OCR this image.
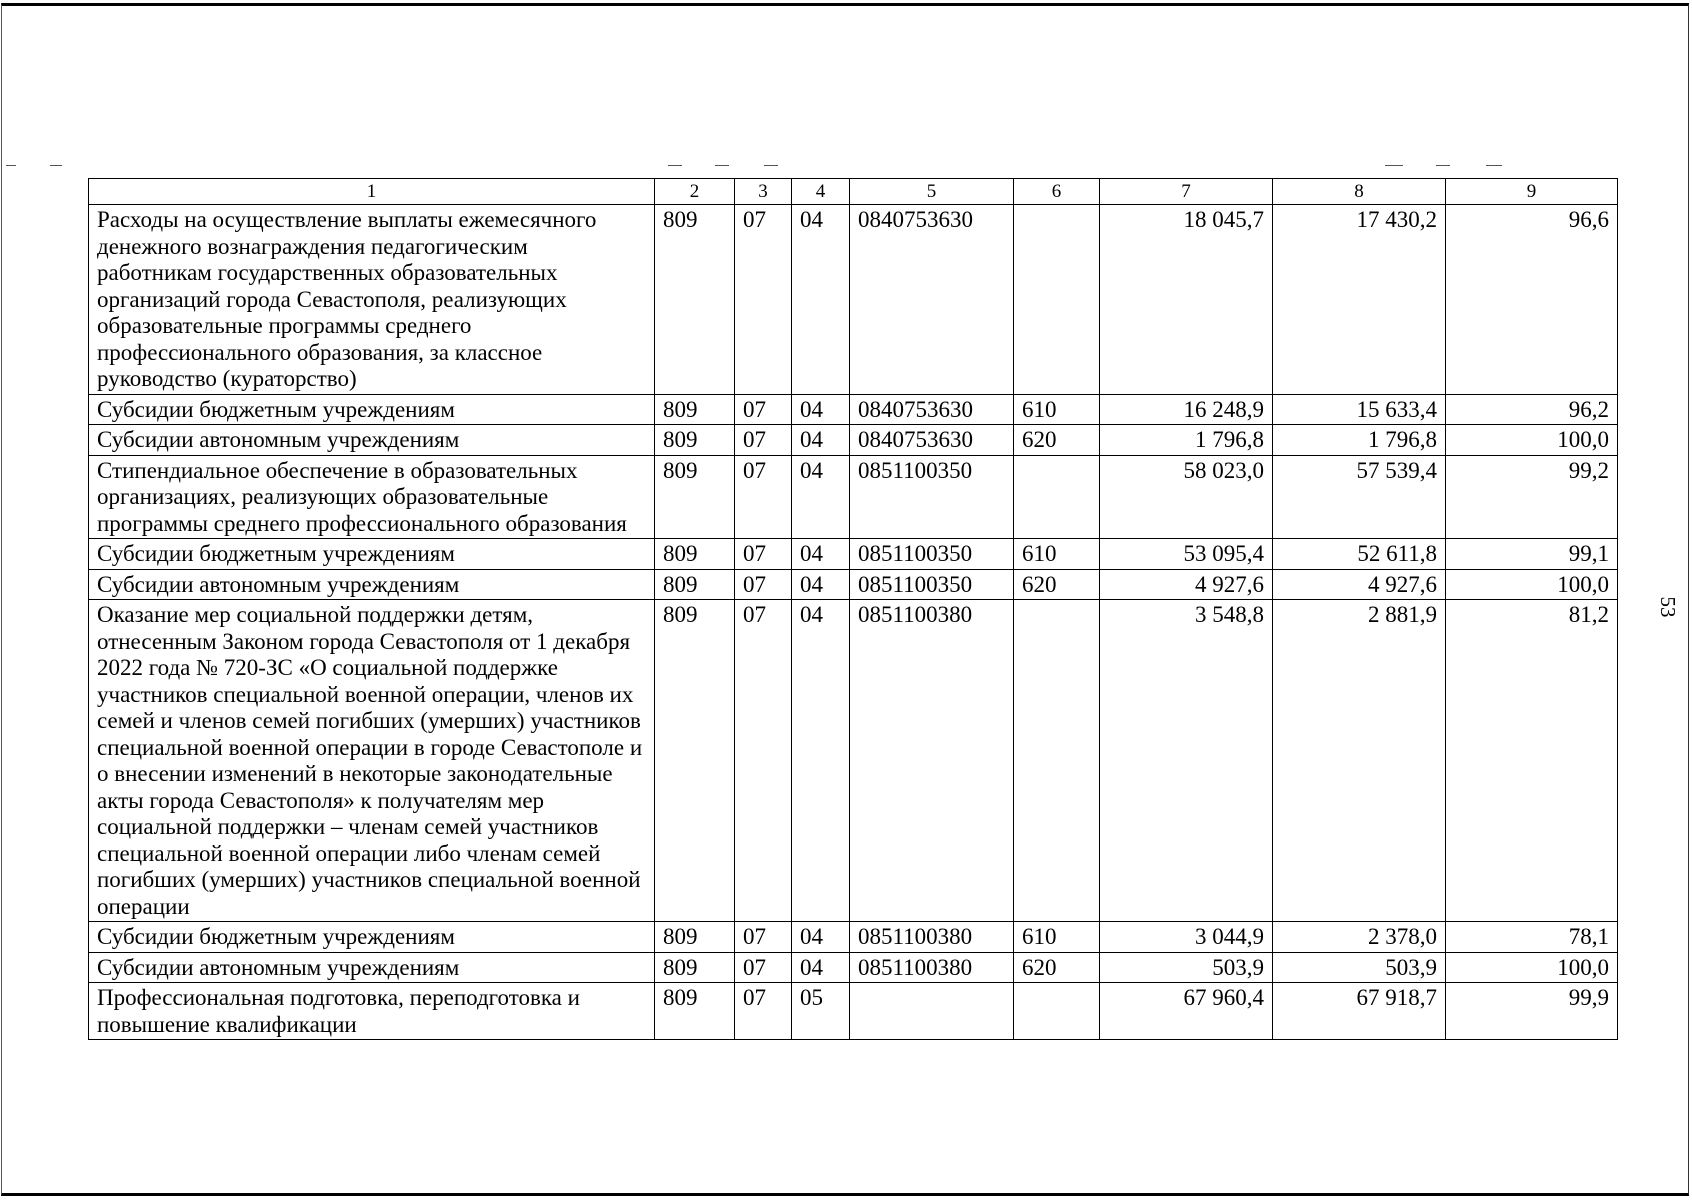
53
1	2	3	4	5	6	7	8	9
Расходы на осуществление выплаты ежемесячного денежного вознаграждения педагогическим работникам государственных образовательных организаций города Севастополя, реализующих образовательные программы среднего профессионального образования, за классное руководство (кураторство)	809	07	04	0840753630		18 045,7	17 430,2	96,6
Субсидии бюджетным учреждениям	809	07	04	0840753630	610	16 248,9	15 633,4	96,2
Субсидии автономным учреждениям	809	07	04	0840753630	620	1 796,8	1 796,8	100,0
Стипендиальное обеспечение в образовательных организациях, реализующих образовательные программы среднего профессионального образования	809	07	04	0851100350		58 023,0	57 539,4	99,2
Субсидии бюджетным учреждениям	809	07	04	0851100350	610	53 095,4	52 611,8	99,1
Субсидии автономным учреждениям	809	07	04	0851100350	620	4 927,6	4 927,6	100,0
Оказание мер социальной поддержки детям, отнесенным Законом города Севастополя от 1 декабря 2022 года № 720-ЗС «О социальной поддержке участников специальной военной операции, членов их семей и членов семей погибших (умерших) участников специальной военной операции в городе Севастополе и о внесении изменений в некоторые законодательные акты города Севастополя» к получателям мер социальной поддержки – членам семей участников специальной военной операции либо членам семей погибших (умерших) участников специальной военной операции	809	07	04	0851100380		3 548,8	2 881,9	81,2
Субсидии бюджетным учреждениям	809	07	04	0851100380	610	3 044,9	2 378,0	78,1
Субсидии автономным учреждениям	809	07	04	0851100380	620	503,9	503,9	100,0
Профессиональная подготовка, переподготовка и повышение квалификации	809	07	05			67 960,4	67 918,7	99,9
